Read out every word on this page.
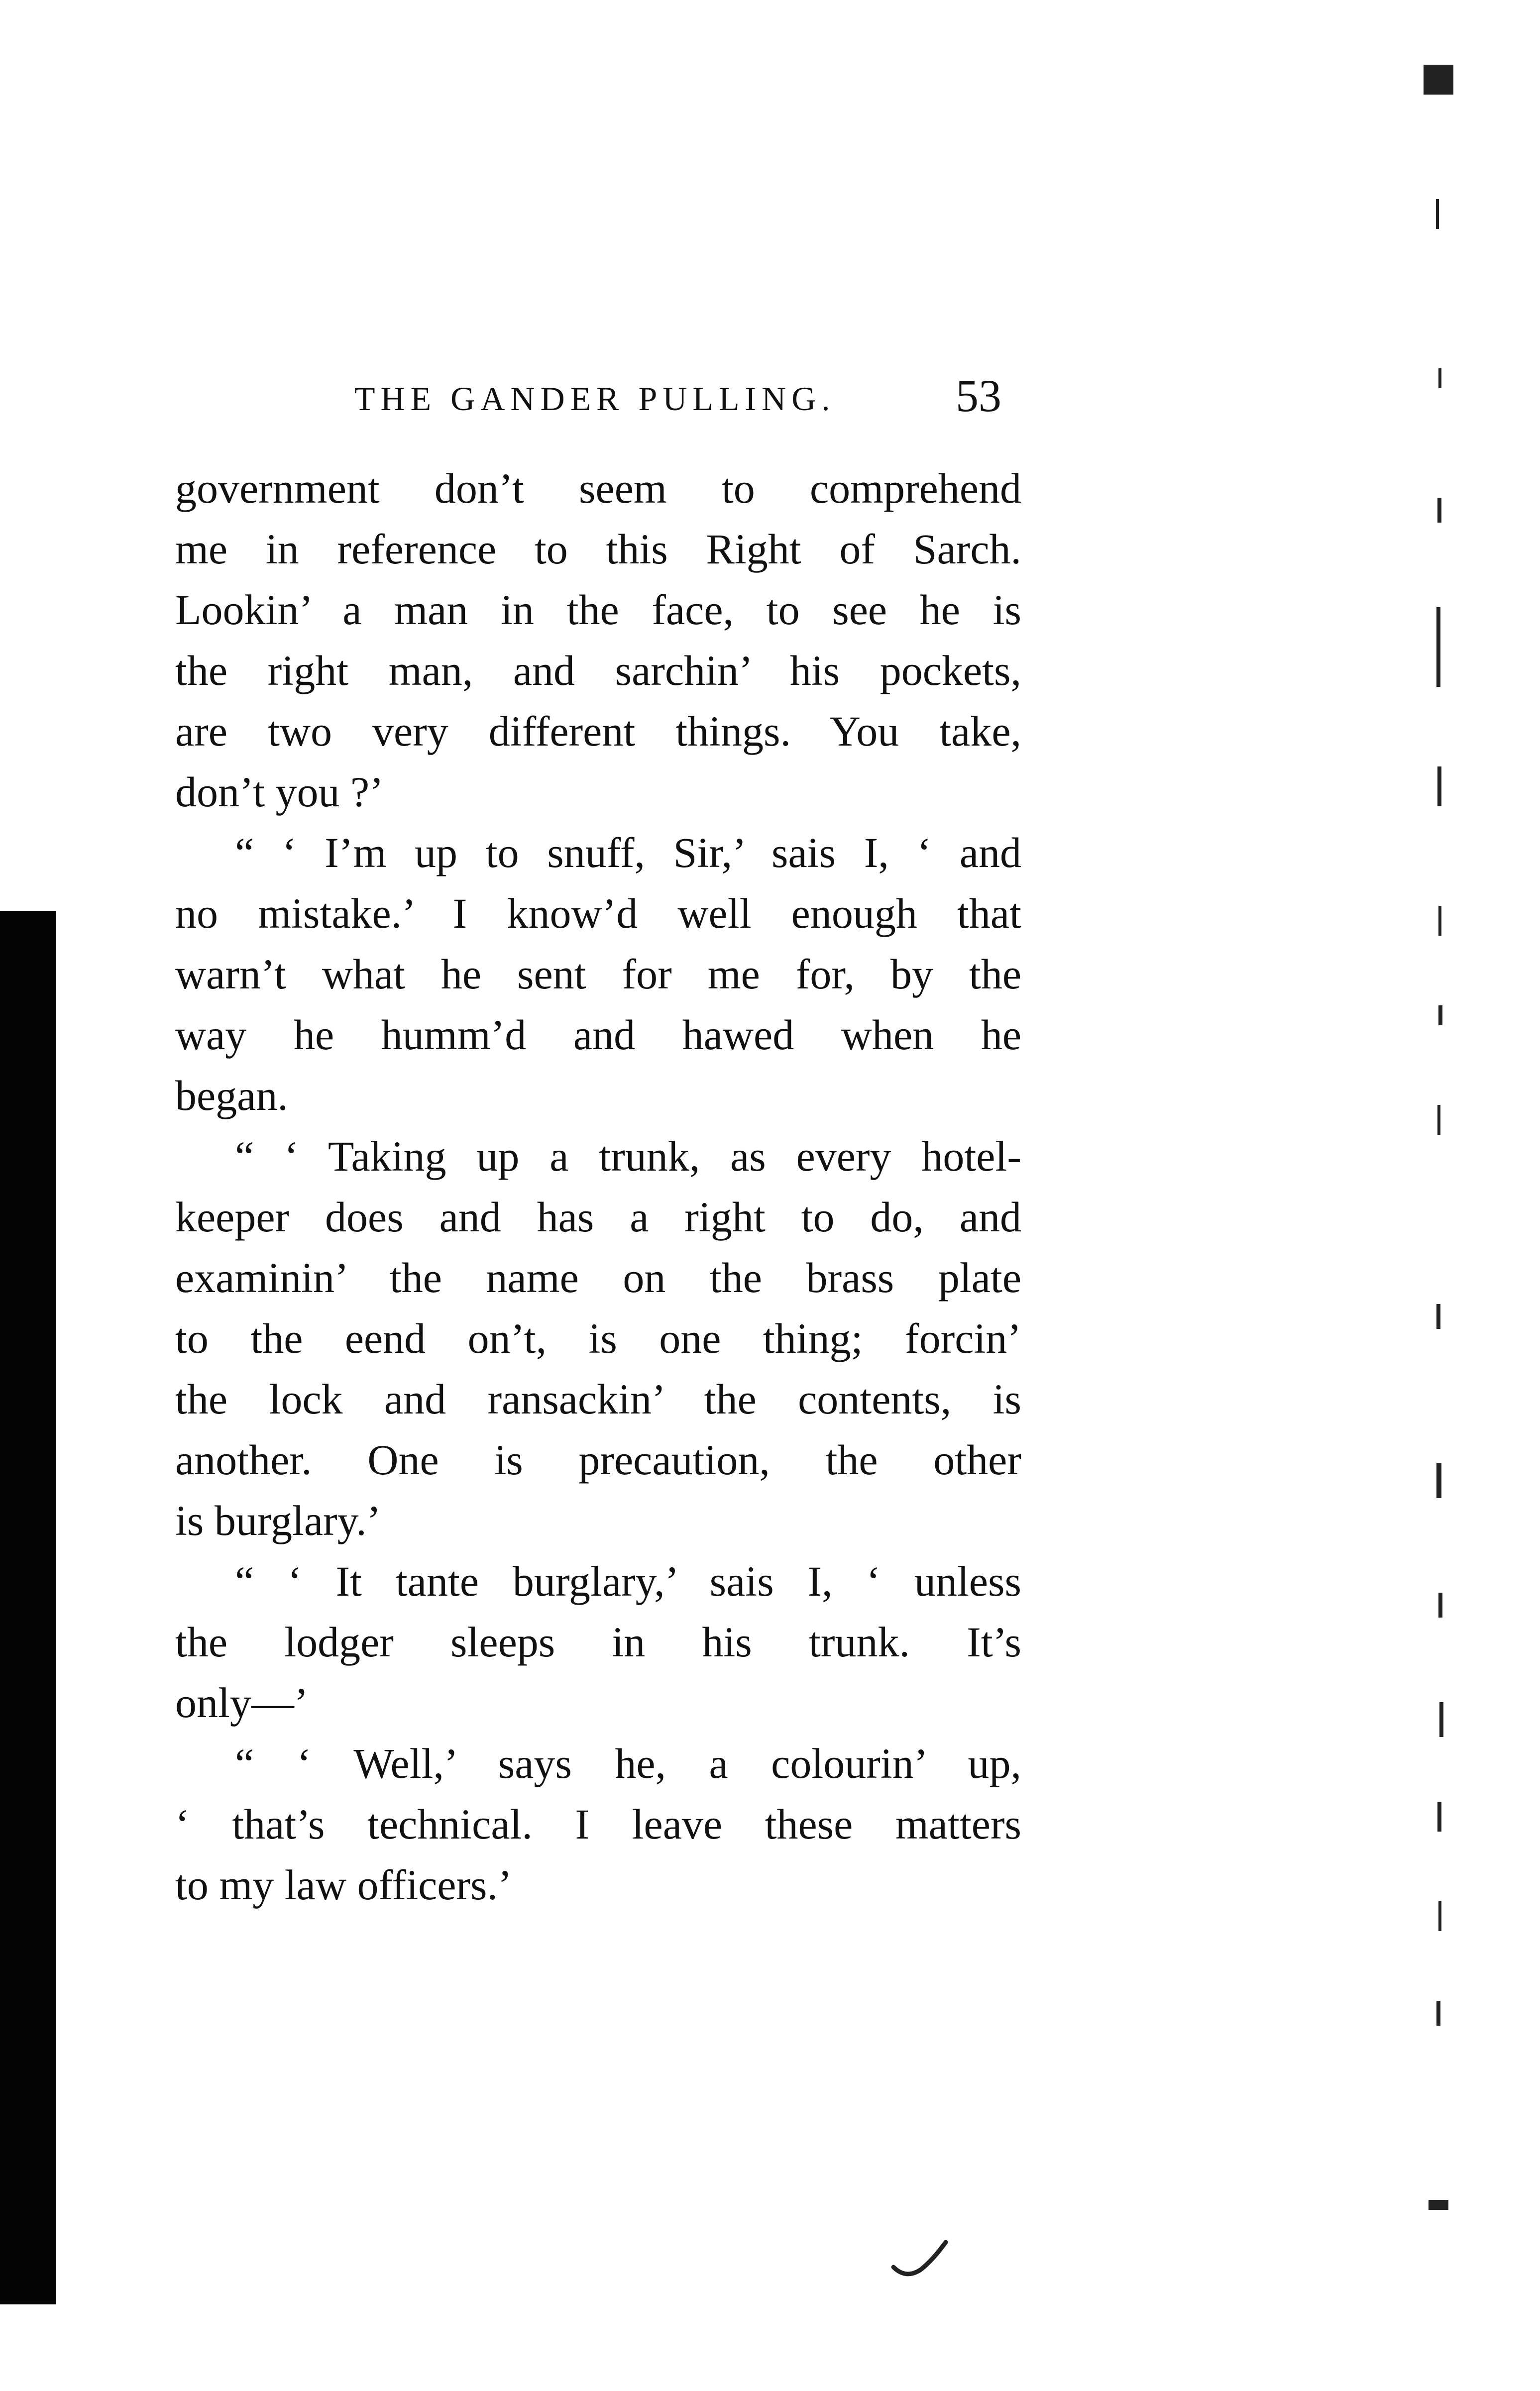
THE GANDER PULLING.	53
government don’t seem to comprehend
me in reference to this Right of Sarch.
Lookin’ a man in the face, to see he is
the right man, and sarchin’ his pockets,
are two very different things. You take,
don’t you ?’
“ ‘ I’m up to snuff, Sir,’ sais I, ‘ and
no mistake.’ I know’d well enough that
warn’t what he sent for me for, by the
way he humm’d and hawed when he
began.
“ ‘ Taking up a trunk, as every hotel-
keeper does and has a right to do, and
examinin’ the name on the brass plate
to the eend on’t, is one thing; forcin’
the lock and ransackin’ the contents, is
another. One is precaution, the other
is burglary.’
“ ‘ It tante burglary,’ sais I, ‘ unless
the lodger sleeps in his trunk. It’s
only—’
“ ‘ Well,’ says he, a colourin’ up,
‘ that’s technical. I leave these matters
to my law officers.’
